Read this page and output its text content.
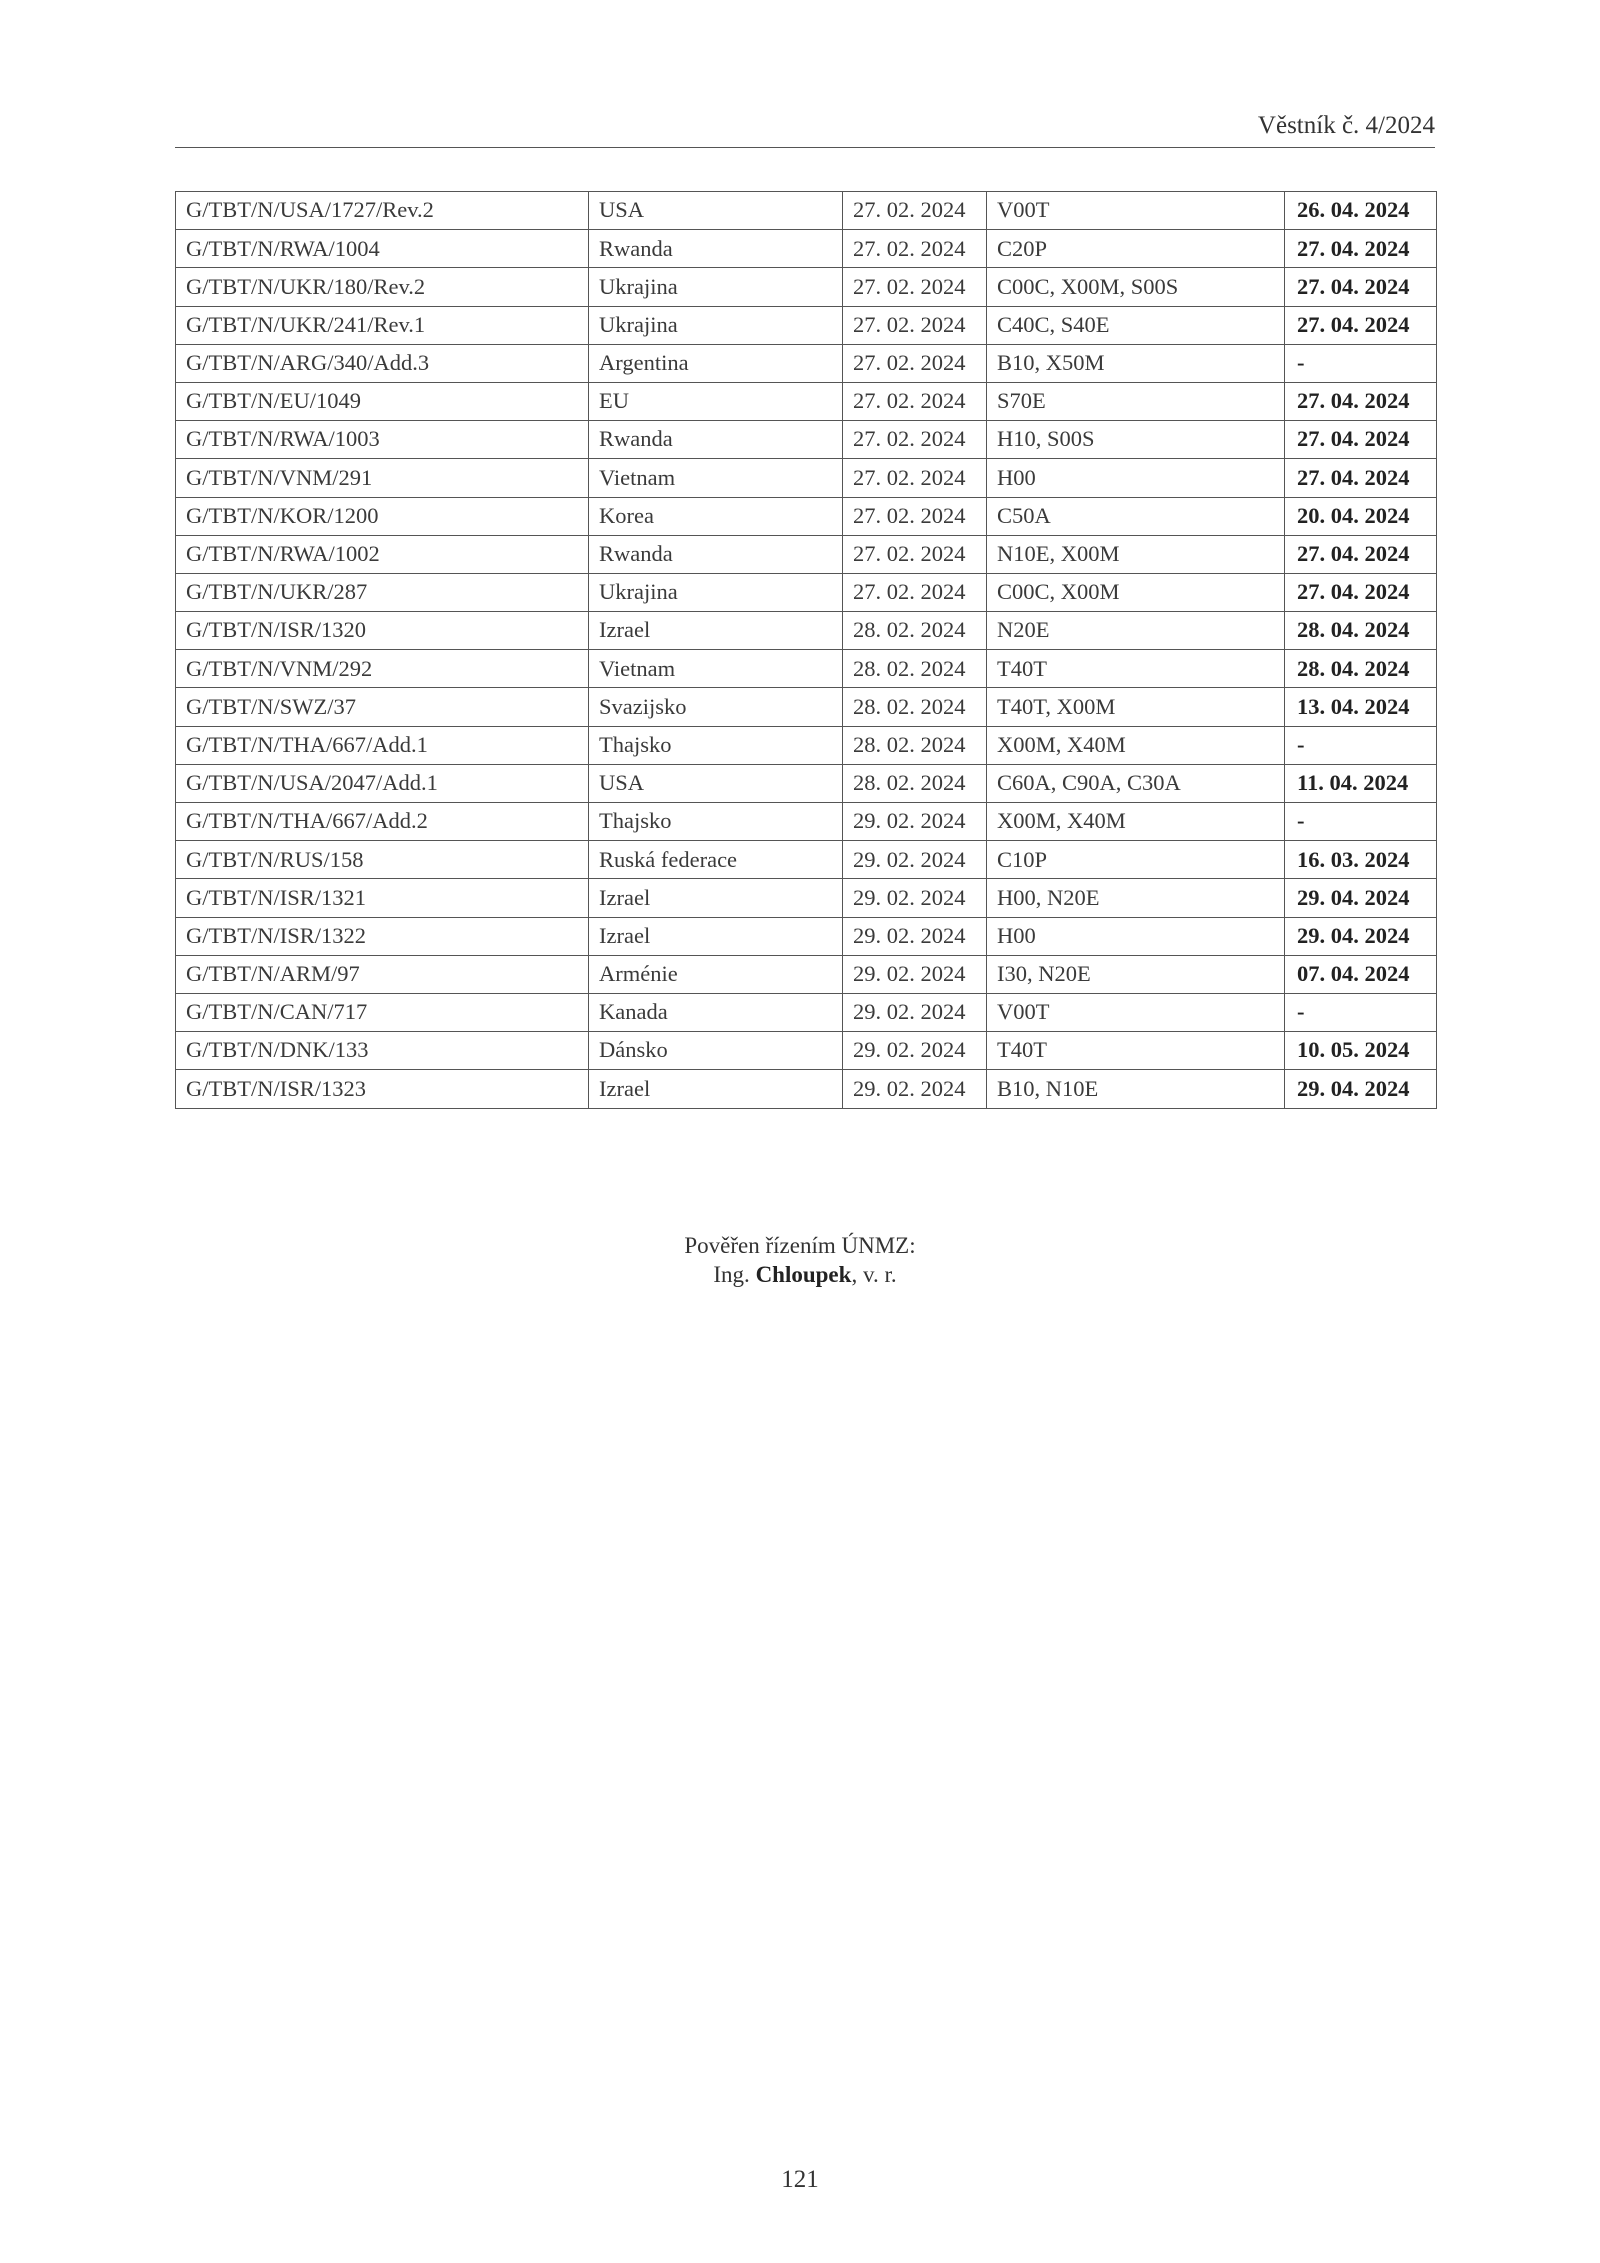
Věstník č. 4/2024
G/TBT/N/USA/1727/Rev.2	USA	27. 02. 2024	V00T	26. 04. 2024
G/TBT/N/RWA/1004	Rwanda	27. 02. 2024	C20P	27. 04. 2024
G/TBT/N/UKR/180/Rev.2	Ukrajina	27. 02. 2024	C00C, X00M, S00S	27. 04. 2024
G/TBT/N/UKR/241/Rev.1	Ukrajina	27. 02. 2024	C40C, S40E	27. 04. 2024
G/TBT/N/ARG/340/Add.3	Argentina	27. 02. 2024	B10, X50M	-
G/TBT/N/EU/1049	EU	27. 02. 2024	S70E	27. 04. 2024
G/TBT/N/RWA/1003	Rwanda	27. 02. 2024	H10, S00S	27. 04. 2024
G/TBT/N/VNM/291	Vietnam	27. 02. 2024	H00	27. 04. 2024
G/TBT/N/KOR/1200	Korea	27. 02. 2024	C50A	20. 04. 2024
G/TBT/N/RWA/1002	Rwanda	27. 02. 2024	N10E, X00M	27. 04. 2024
G/TBT/N/UKR/287	Ukrajina	27. 02. 2024	C00C, X00M	27. 04. 2024
G/TBT/N/ISR/1320	Izrael	28. 02. 2024	N20E	28. 04. 2024
G/TBT/N/VNM/292	Vietnam	28. 02. 2024	T40T	28. 04. 2024
G/TBT/N/SWZ/37	Svazijsko	28. 02. 2024	T40T, X00M	13. 04. 2024
G/TBT/N/THA/667/Add.1	Thajsko	28. 02. 2024	X00M, X40M	-
G/TBT/N/USA/2047/Add.1	USA	28. 02. 2024	C60A, C90A, C30A	11. 04. 2024
G/TBT/N/THA/667/Add.2	Thajsko	29. 02. 2024	X00M, X40M	-
G/TBT/N/RUS/158	Ruská federace	29. 02. 2024	C10P	16. 03. 2024
G/TBT/N/ISR/1321	Izrael	29. 02. 2024	H00, N20E	29. 04. 2024
G/TBT/N/ISR/1322	Izrael	29. 02. 2024	H00	29. 04. 2024
G/TBT/N/ARM/97	Arménie	29. 02. 2024	I30, N20E	07. 04. 2024
G/TBT/N/CAN/717	Kanada	29. 02. 2024	V00T	-
G/TBT/N/DNK/133	Dánsko	29. 02. 2024	T40T	10. 05. 2024
G/TBT/N/ISR/1323	Izrael	29. 02. 2024	B10, N10E	29. 04. 2024
Pověřen řízením ÚNMZ:
Ing. Chloupek, v. r.
121
